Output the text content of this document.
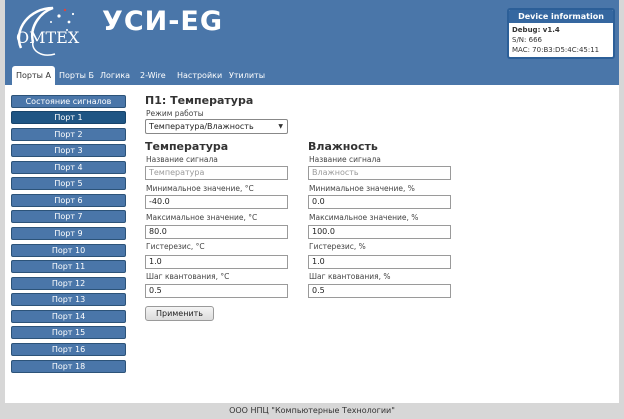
OMTEX
УСИ-EG	Device information
Debug: v1.4
S/N: 666
MAC: 70:B3:D5:4C:45:11
Порты А	Порты Б Логика	2-Wire	Настройки Утилиты
Состояние сигналов
Порт 1
Порт 2
Порт 3
Порт 4
Порт 5
Порт 6
Порт 7
Порт 9
Порт 10
Порт 11
Порт 12
Порт 13
Порт 14
Порт 15
Порт 16
Порт 18
П1: Температура
Режим работы
Температура/Влажность	▼
Температура
Название сигнала
Температура
Минимальное значение, °С
-40.0
Максимальное значение, °С
80.0
Гистерезис, °С
1.0
Шаг квантования, °С
0.5
Влажность
Название сигнала
Влажность
Минимальное значение, %
0.0
Максимальное значение, %
100.0
Гистерезис, %
1.0
Шаг квантования, %
0.5
Применить
ООО НПЦ "Компьютерные Технологии"
